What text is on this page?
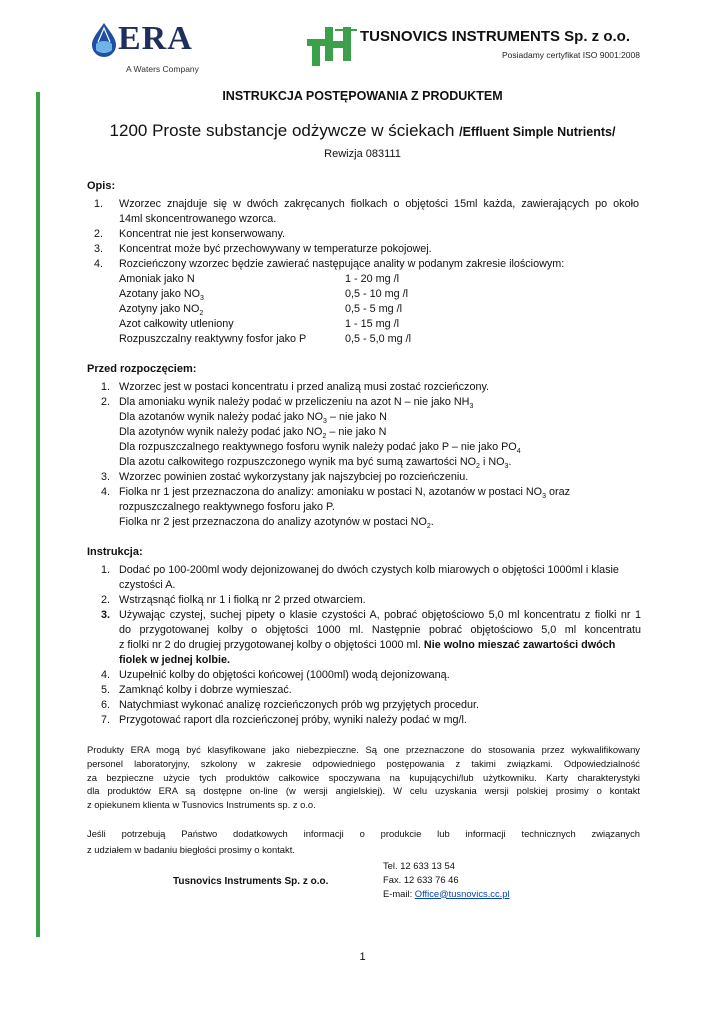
ERA
A Waters Company
TUSNOVICS INSTRUMENTS Sp. z o.o.
Posiadamy certyfikat ISO 9001:2008
INSTRUKCJA POSTĘPOWANIA Z PRODUKTEM
1200 Proste substancje odżywcze w ściekach /Effluent Simple Nutrients/
Rewizja 083111
Opis:
1. Wzorzec znajduje się w dwóch zakręcanych fiolkach o objętości 15ml każda, zawierających po około
14ml skoncentrowanego wzorca.
2. Koncentrat nie jest konserwowany.
3. Koncentrat może być przechowywany w temperaturze pokojowej.
4. Rozcieńczony wzorzec będzie zawierać następujące anality w podanym zakresie ilościowym:
Amoniak jako N	1 - 20 mg /l
Azotany jako $NO_3$	0,5 - 10 mg /l
Azotyny jako $NO_2$	0,5 - 5 mg /l
Azot całkowity utleniony	1 - 15 mg /l
Rozpuszczalny reaktywny fosfor jako P	0,5 - 5,0 mg /l
Przed rozpoczęciem:
1. Wzorzec jest w postaci koncentratu i przed analizą musi zostać rozcieńczony.
2. Dla amoniaku wynik należy podać w przeliczeniu na azot N – nie jako $NH_3$
Dla azotanów wynik należy podać jako $NO_3$ – nie jako N
Dla azotynów wynik należy podać jako $NO_2$ – nie jako N
Dla rozpuszczalnego reaktywnego fosforu wynik należy podać jako P – nie jako $PO_4$
Dla azotu całkowitego rozpuszczonego wynik ma być sumą zawartości $NO_2$ i $NO_3$.
3. Wzorzec powinien zostać wykorzystany jak najszybciej po rozcieńczeniu.
4. Fiolka nr 1 jest przeznaczona do analizy: amoniaku w postaci N, azotanów w postaci $NO_3$ oraz
rozpuszczalnego reaktywnego fosforu jako P.
Fiolka nr 2 jest przeznaczona do analizy azotynów w postaci $NO_2$.
Instrukcja:
1. Dodać po 100-200ml wody dejonizowanej do dwóch czystych kolb miarowych o objętości 1000ml i klasie
czystości A.
2. Wstrząsnąć fiolką nr 1 i fiolką nr 2 przed otwarciem.
3. Używając czystej, suchej pipety o klasie czystości A, pobrać objętościowo 5,0 ml koncentratu z fiolki nr 1
do przygotowanej kolby o objętości 1000 ml. Następnie pobrać objętościowo 5,0 ml koncentratu
z fiolki nr 2 do drugiej przygotowanej kolby o objętości 1000 ml. Nie wolno mieszać zawartości dwóch
fiolek w jednej kolbie.
4. Uzupełnić kolby do objętości końcowej (1000ml) wodą dejonizowaną.
5. Zamknąć kolby i dobrze wymieszać.
6. Natychmiast wykonać analizę rozcieńczonych prób wg przyjętych procedur.
7. Przygotować raport dla rozcieńczonej próby, wyniki należy podać w mg/l.
Produkty ERA mogą być klasyfikowane jako niebezpieczne. Są one przeznaczone do stosowania przez wykwalifikowany
personel laboratoryjny, szkolony w zakresie odpowiedniego postępowania z takimi związkami. Odpowiedzialność
za bezpieczne użycie tych produktów całkowice spoczywana na kupującychi/lub użytkowniku. Karty charakterystyki
dla produktów ERA są dostępne on-line (w wersji angielskiej). W celu uzyskania wersji polskiej prosimy o kontakt
z opiekunem klienta w Tusnovics Instruments sp. z o.o.
Jeśli potrzebują Państwo dodatkowych informacji o produkcie lub informacji technicznych związanych
z udziałem w badaniu biegłości prosimy o kontakt.
Tusnovics Instruments Sp. z o.o.
Tel. 12 633 13 54
Fax. 12 633 76 46
E-mail: Office@tusnovics.cc.pl
1
